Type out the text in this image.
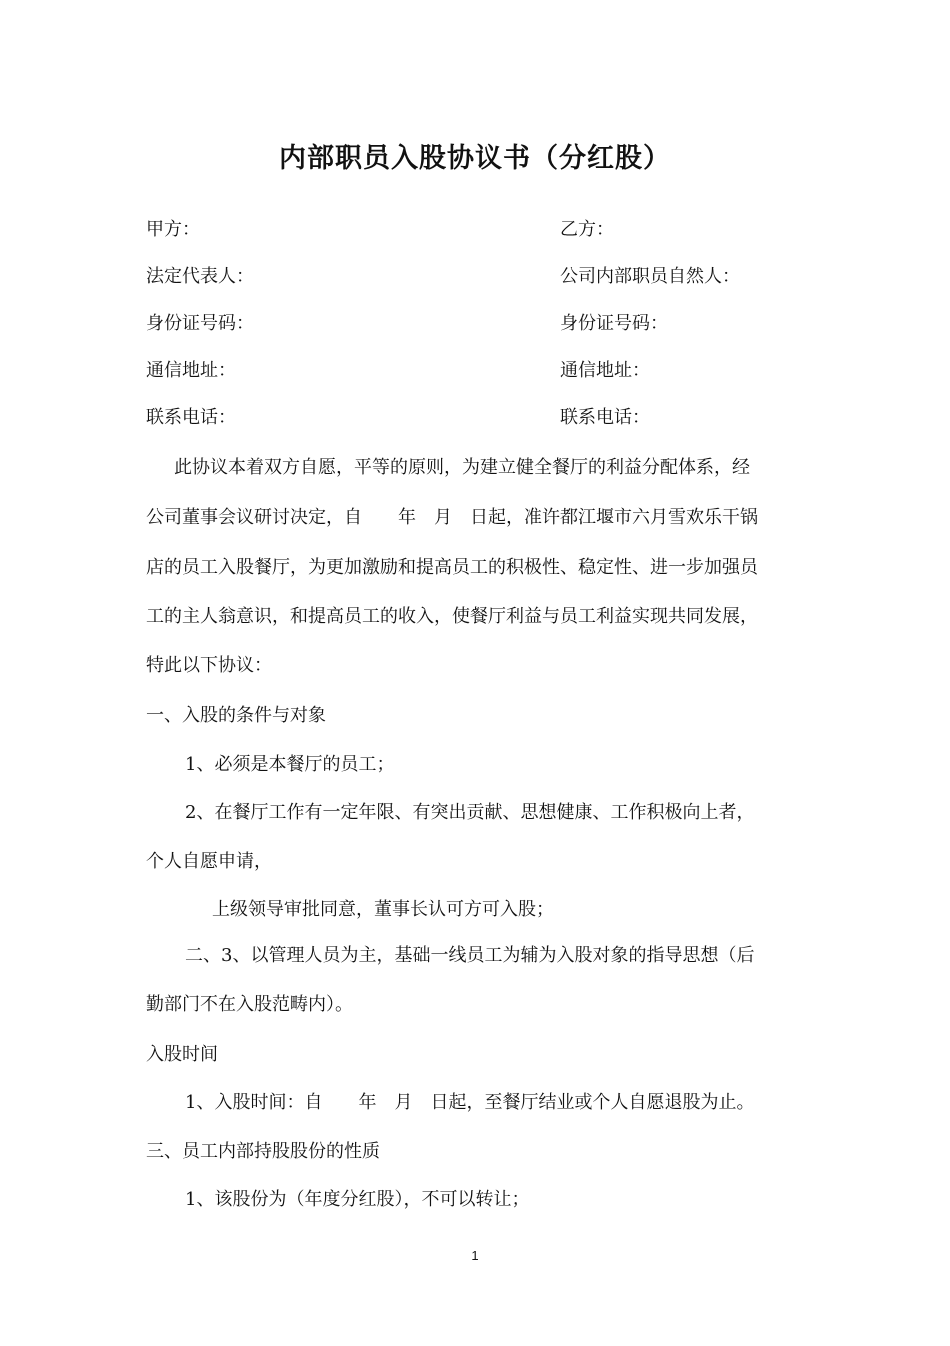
内部职员入股协议书（分红股）
甲方：	乙方：
法定代表人：	公司内部职员自然人：
身份证号码：	身份证号码：
通信地址：	通信地址：
联系电话：	联系电话：
此协议本着双方自愿，平等的原则，为建立健全餐厅的利益分配体系，经
公司董事会议研讨决定，自　　年　月　日起，准许都江堰市六月雪欢乐干锅
店的员工入股餐厅，为更加激励和提高员工的积极性、稳定性、进一步加强员
工的主人翁意识，和提高员工的收入，使餐厅利益与员工利益实现共同发展，
特此以下协议：
一、入股的条件与对象
1、必须是本餐厅的员工；
2、在餐厅工作有一定年限、有突出贡献、思想健康、工作积极向上者，
个人自愿申请，
上级领导审批同意，董事长认可方可入股；
二、3、以管理人员为主，基础一线员工为辅为入股对象的指导思想（后
勤部门不在入股范畴内）。
入股时间
1、入股时间：自　　年　月　日起，至餐厅结业或个人自愿退股为止。
三、员工内部持股股份的性质
1、该股份为（年度分红股），不可以转让；
1
